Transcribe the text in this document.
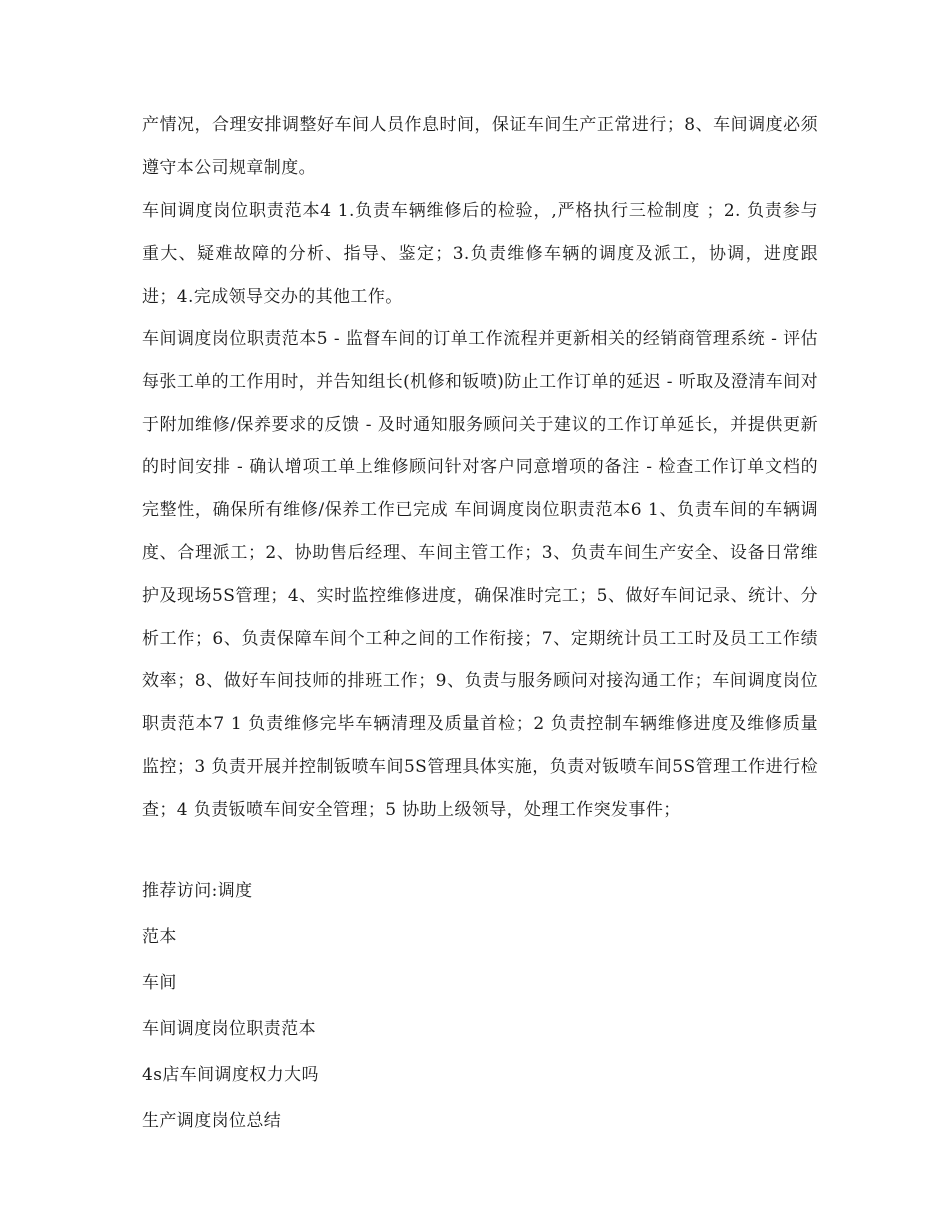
产情况，合理安排调整好车间人员作息时间，保证车间生产正常进行；8、车间调度必须遵守本公司规章制度。
车间调度岗位职责范本4 1.负责车辆维修后的检验，,严格执行三检制度 ；2. 负责参与重大、疑难故障的分析、指导、鉴定；3.负责维修车辆的调度及派工，协调，进度跟进；4.完成领导交办的其他工作。
车间调度岗位职责范本5 - 监督车间的订单工作流程并更新相关的经销商管理系统 - 评估每张工单的工作用时，并告知组长(机修和钣喷)防止工作订单的延迟 - 听取及澄清车间对于附加维修/保养要求的反馈 - 及时通知服务顾问关于建议的工作订单延长，并提供更新的时间安排 - 确认增项工单上维修顾问针对客户同意增项的备注 - 检查工作订单文档的完整性，确保所有维修/保养工作已完成 车间调度岗位职责范本6 1、负责车间的车辆调度、合理派工；2、协助售后经理、车间主管工作；3、负责车间生产安全、设备日常维护及现场5S管理；4、实时监控维修进度，确保准时完工；5、做好车间记录、统计、分析工作；6、负责保障车间个工种之间的工作衔接；7、定期统计员工工时及员工工作绩效率；8、做好车间技师的排班工作；9、负责与服务顾问对接沟通工作；车间调度岗位职责范本7 1 负责维修完毕车辆清理及质量首检；2 负责控制车辆维修进度及维修质量监控；3 负责开展并控制钣喷车间5S管理具体实施，负责对钣喷车间5S管理工作进行检查；4 负责钣喷车间安全管理；5 协助上级领导，处理工作突发事件；
推荐访问:调度
范本
车间
车间调度岗位职责范本
4s店车间调度权力大吗
生产调度岗位总结
